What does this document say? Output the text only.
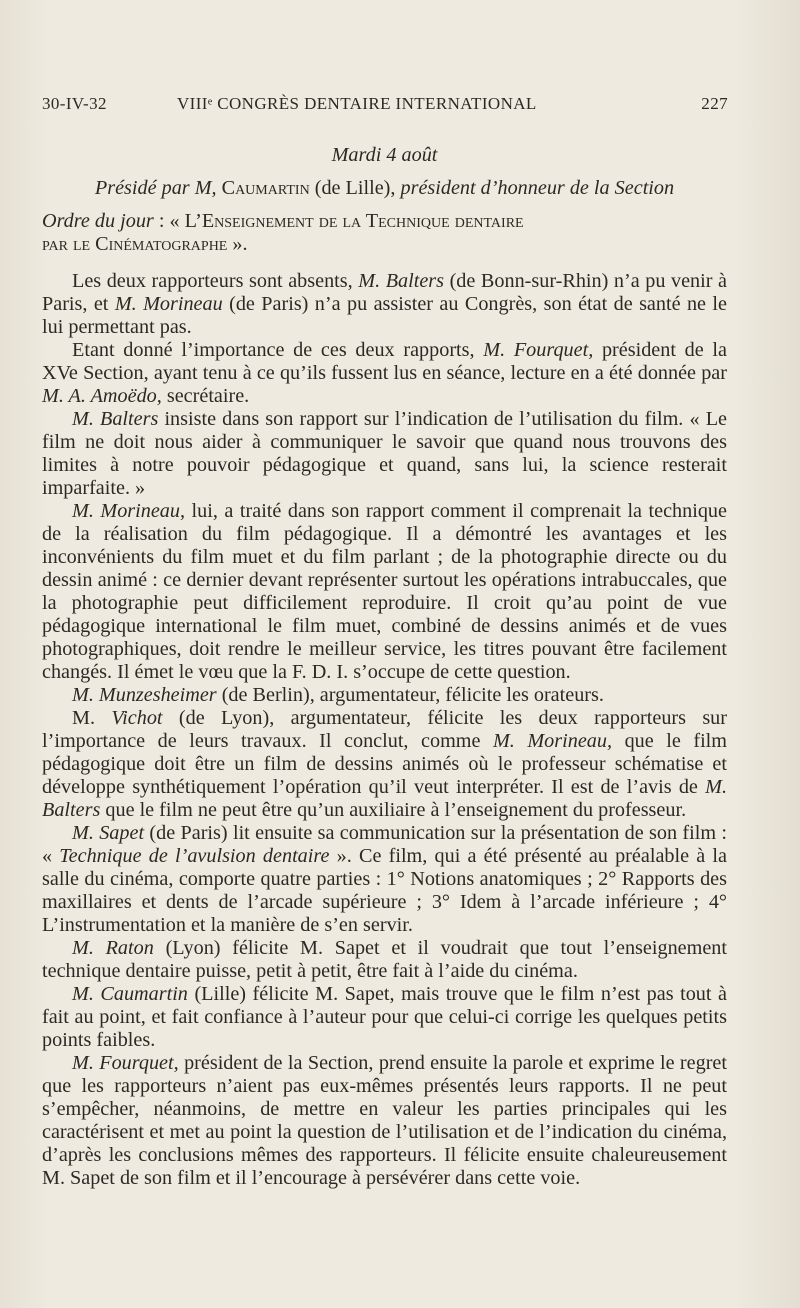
30-IV-32	VIIIᵉ CONGRÈS DENTAIRE INTERNATIONAL	227
Mardi 4 août
Présidé par M, Caumartin (de Lille), président d’honneur de la Section

Ordre du jour : « L’Enseignement de la Technique dentaire
par le Cinématographe ».

Les deux rapporteurs sont absents, M. Balters (de Bonn-sur-Rhin) n’a pu venir à Paris, et M. Morineau (de Paris) n’a pu assister au Congrès, son état de santé ne le lui permettant pas.

Etant donné l’importance de ces deux rapports, M. Fourquet, président de la XVe Section, ayant tenu à ce qu’ils fussent lus en séance, lecture en a été donnée par M. A. Amoëdo, secrétaire.

M. Balters insiste dans son rapport sur l’indication de l’utilisation du film. « Le film ne doit nous aider à communiquer le savoir que quand nous trouvons des limites à notre pouvoir pédagogique et quand, sans lui, la science resterait imparfaite. »

M. Morineau, lui, a traité dans son rapport comment il comprenait la technique de la réalisation du film pédagogique. Il a démontré les avantages et les inconvénients du film muet et du film parlant ; de la photographie directe ou du dessin animé : ce dernier devant représenter surtout les opérations intrabuccales, que la photographie peut difficilement reproduire. Il croit qu’au point de vue pédagogique international le film muet, combiné de dessins animés et de vues photographiques, doit rendre le meilleur service, les titres pouvant être facilement changés. Il émet le vœu que la F. D. I. s’occupe de cette question.

M. Munzesheimer (de Berlin), argumentateur, félicite les orateurs.

M. Vichot (de Lyon), argumentateur, félicite les deux rapporteurs sur l’importance de leurs travaux. Il conclut, comme M. Morineau, que le film pédagogique doit être un film de dessins animés où le professeur schématise et développe synthétiquement l’opération qu’il veut interpréter. Il est de l’avis de M. Balters que le film ne peut être qu’un auxiliaire à l’enseignement du professeur.

M. Sapet (de Paris) lit ensuite sa communication sur la présentation de son film : « Technique de l’avulsion dentaire ». Ce film, qui a été présenté au préalable à la salle du cinéma, comporte quatre parties : 1° Notions anatomiques ; 2° Rapports des maxillaires et dents de l’arcade supérieure ; 3° Idem à l’arcade inférieure ; 4° L’instrumentation et la manière de s’en servir.

M. Raton (Lyon) félicite M. Sapet et il voudrait que tout l’enseignement technique dentaire puisse, petit à petit, être fait à l’aide du cinéma.

M. Caumartin (Lille) félicite M. Sapet, mais trouve que le film n’est pas tout à fait au point, et fait confiance à l’auteur pour que celui-ci corrige les quelques petits points faibles.

M. Fourquet, président de la Section, prend ensuite la parole et exprime le regret que les rapporteurs n’aient pas eux-mêmes présentés leurs rapports. Il ne peut s’empêcher, néanmoins, de mettre en valeur les parties principales qui les caractérisent et met au point la question de l’utilisation et de l’indication du cinéma, d’après les conclusions mêmes des rapporteurs. Il félicite ensuite chaleureusement M. Sapet de son film et il l’encourage à persévérer dans cette voie.
